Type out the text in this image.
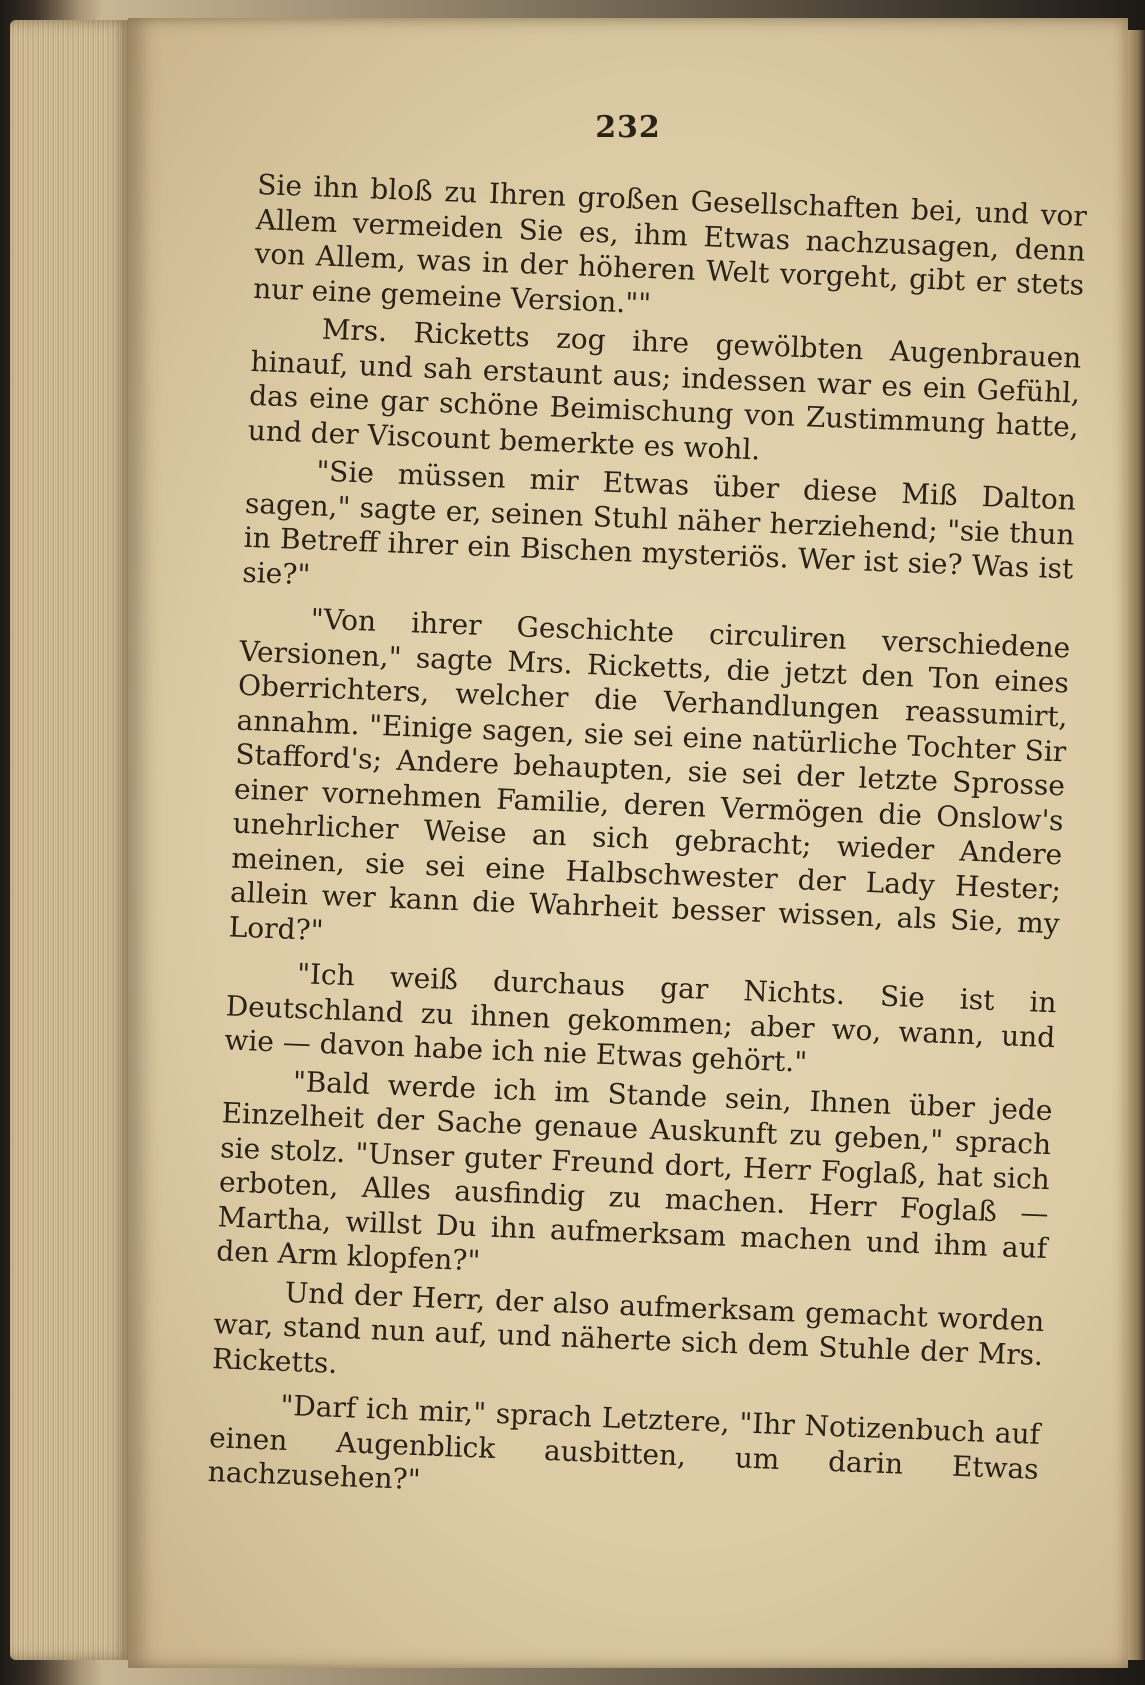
232

Sie ihn bloß zu Ihren großen Gesellschaften bei, und vor Allem vermeiden Sie es, ihm Etwas nachzusagen, denn von Allem, was in der höheren Welt vorgeht, gibt er stets nur eine gemeine Version.""

Mrs. Ricketts zog ihre gewölbten Augenbrauen hinauf, und sah erstaunt aus; indessen war es ein Gefühl, das eine gar schöne Beimischung von Zustimmung hatte, und der Viscount bemerkte es wohl.

"Sie müssen mir Etwas über diese Miß Dalton sagen," sagte er, seinen Stuhl näher herziehend; "sie thun in Betreff ihrer ein Bischen mysteriös. Wer ist sie? Was ist sie?"

"Von ihrer Geschichte circuliren verschiedene Versionen," sagte Mrs. Ricketts, die jetzt den Ton eines Oberrichters, welcher die Verhandlungen reassumirt, annahm. "Einige sagen, sie sei eine natürliche Tochter Sir Stafford's; Andere behaupten, sie sei der letzte Sprosse einer vornehmen Familie, deren Vermögen die Onslow's unehrlicher Weise an sich gebracht; wieder Andere meinen, sie sei eine Halbschwester der Lady Hester; allein wer kann die Wahrheit besser wissen, als Sie, my Lord?"

"Ich weiß durchaus gar Nichts. Sie ist in Deutschland zu ihnen gekommen; aber wo, wann, und wie — davon habe ich nie Etwas gehört."

"Bald werde ich im Stande sein, Ihnen über jede Einzelheit der Sache genaue Auskunft zu geben," sprach sie stolz. "Unser guter Freund dort, Herr Foglaß, hat sich erboten, Alles ausfindig zu machen. Herr Foglaß — Martha, willst Du ihn aufmerksam machen und ihm auf den Arm klopfen?"

Und der Herr, der also aufmerksam gemacht worden war, stand nun auf, und näherte sich dem Stuhle der Mrs. Ricketts.

"Darf ich mir," sprach Letztere, "Ihr Notizenbuch auf einen Augenblick ausbitten, um darin Etwas nachzusehen?"
